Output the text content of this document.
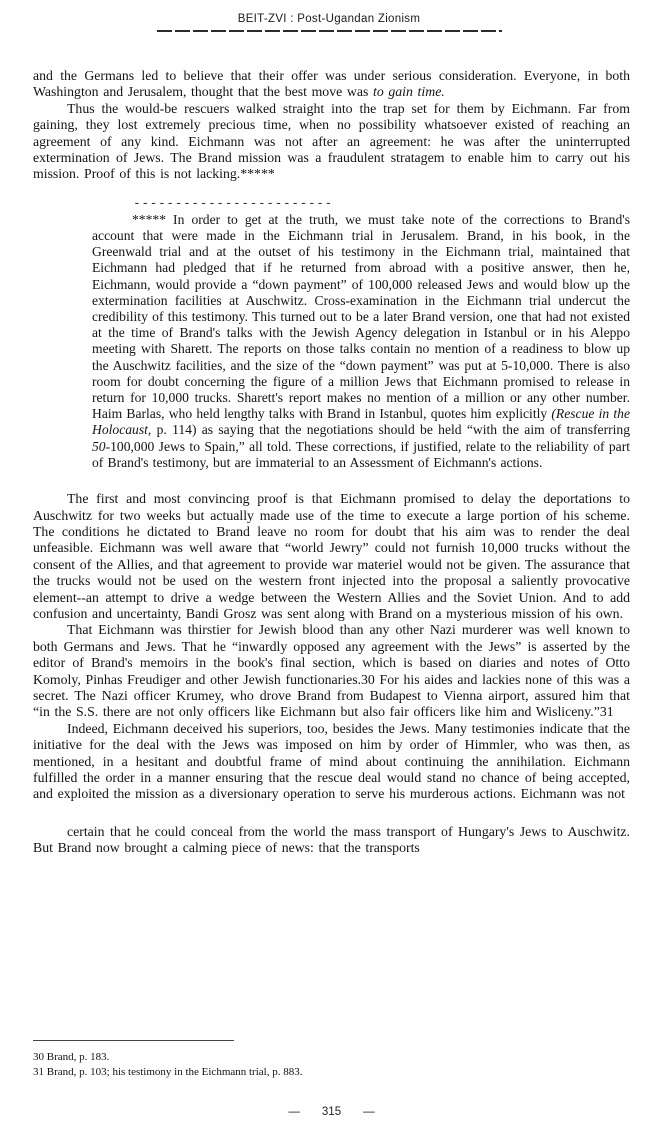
BEIT-ZVI : Post-Ugandan Zionism

and the Germans led to believe that their offer was under serious consideration. Everyone, in both Washington and Jerusalem, thought that the best move was to gain time.

Thus the would-be rescuers walked straight into the trap set for them by Eichmann. Far from gaining, they lost extremely precious time, when no possibility whatsoever existed of reaching an agreement of any kind. Eichmann was not after an agreement: he was after the uninterrupted extermination of Jews. The Brand mission was a fraudulent stratagem to enable him to carry out his mission. Proof of this is not lacking.*****

------------------------

***** In order to get at the truth, we must take note of the corrections to Brand's account that were made in the Eichmann trial in Jerusalem. Brand, in his book, in the Greenwald trial and at the outset of his testimony in the Eichmann trial, maintained that Eichmann had pledged that if he returned from abroad with a positive answer, then he, Eichmann, would provide a “down payment” of 100,000 released Jews and would blow up the extermination facilities at Auschwitz. Cross-examination in the Eichmann trial undercut the credibility of this testimony. This turned out to be a later Brand version, one that had not existed at the time of Brand's talks with the Jewish Agency delegation in Istanbul or in his Aleppo meeting with Sharett. The reports on those talks contain no mention of a readiness to blow up the Auschwitz facilities, and the size of the “down payment” was put at 5-10,000. There is also room for doubt concerning the figure of a million Jews that Eichmann promised to release in return for 10,000 trucks. Sharett's report makes no mention of a million or any other number. Haim Barlas, who held lengthy talks with Brand in Istanbul, quotes him explicitly (Rescue in the Holocaust, p. 114) as saying that the negotiations should be held “with the aim of transferring 50-100,000 Jews to Spain,” all told. These corrections, if justified, relate to the reliability of part of Brand's testimony, but are immaterial to an Assessment of Eichmann's actions.

The first and most convincing proof is that Eichmann promised to delay the deportations to Auschwitz for two weeks but actually made use of the time to execute a large portion of his scheme. The conditions he dictated to Brand leave no room for doubt that his aim was to render the deal unfeasible. Eichmann was well aware that “world Jewry” could not furnish 10,000 trucks without the consent of the Allies, and that agreement to provide war materiel would not be given. The assurance that the trucks would not be used on the western front injected into the proposal a saliently provocative element--an attempt to drive a wedge between the Western Allies and the Soviet Union. And to add confusion and uncertainty, Bandi Grosz was sent along with Brand on a mysterious mission of his own.

That Eichmann was thirstier for Jewish blood than any other Nazi murderer was well known to both Germans and Jews. That he “inwardly opposed any agreement with the Jews” is asserted by the editor of Brand's memoirs in the book's final section, which is based on diaries and notes of Otto Komoly, Pinhas Freudiger and other Jewish functionaries.30 For his aides and lackies none of this was a secret. The Nazi officer Krumey, who drove Brand from Budapest to Vienna airport, assured him that “in the S.S. there are not only officers like Eichmann but also fair officers like him and Wisliceny.”31

Indeed, Eichmann deceived his superiors, too, besides the Jews. Many testimonies indicate that the initiative for the deal with the Jews was imposed on him by order of Himmler, who was then, as mentioned, in a hesitant and doubtful frame of mind about continuing the annihilation. Eichmann fulfilled the order in a manner ensuring that the rescue deal would stand no chance of being accepted, and exploited the mission as a diversionary operation to serve his murderous actions. Eichmann was not

certain that he could conceal from the world the mass transport of Hungary's Jews to Auschwitz. But Brand now brought a calming piece of news: that the transports

30 Brand, p. 183.
31 Brand, p. 103; his testimony in the Eichmann trial, p. 883.
— 315 —
